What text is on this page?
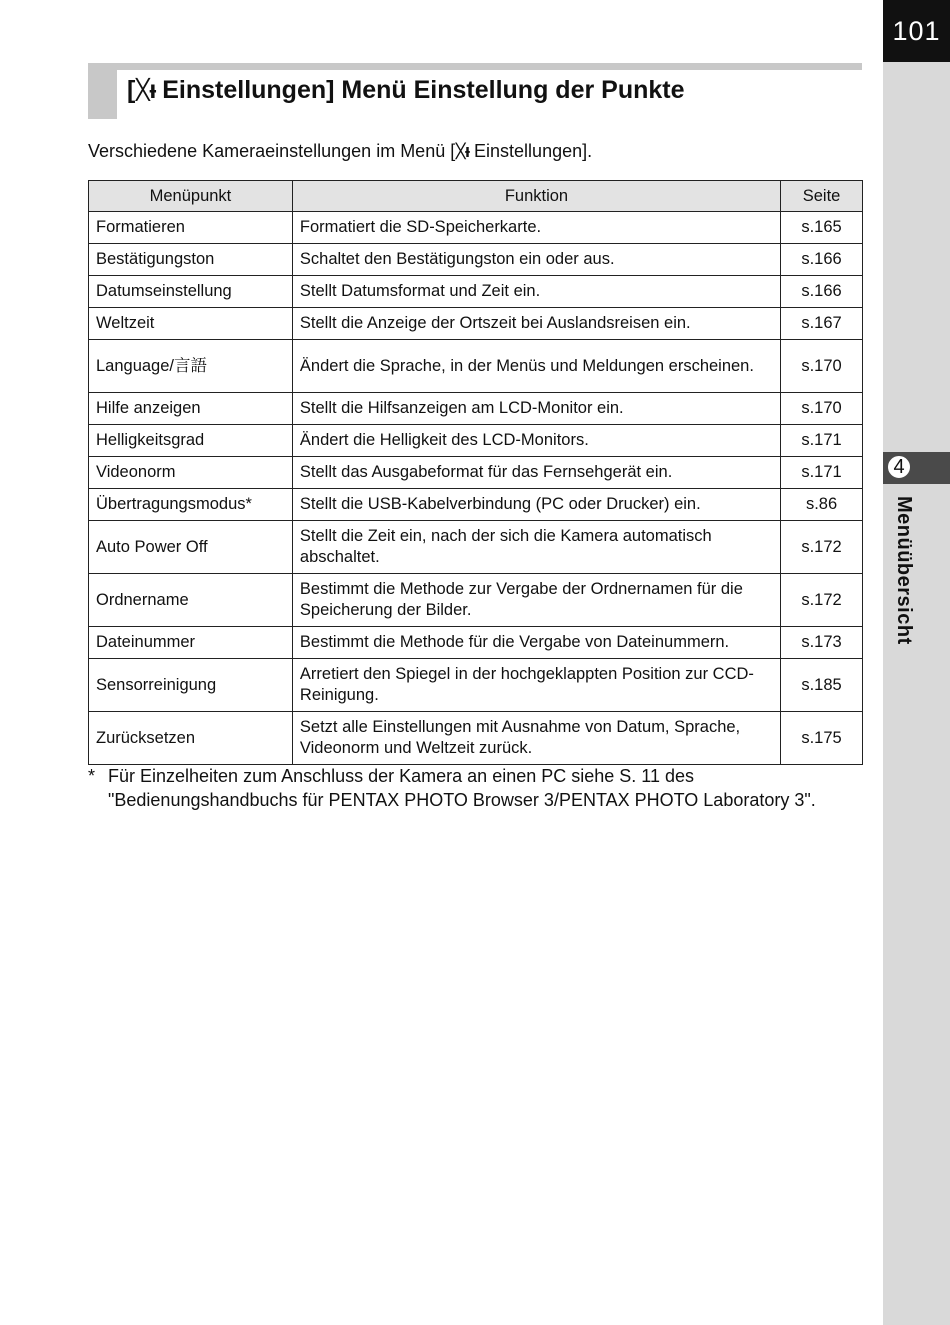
101
4
Menüübersicht
[ᚷᵻ Einstellungen] Menü Einstellung der Punkte
Verschiedene Kameraeinstellungen im Menü [ᚷᵻ Einstellungen].
Menüpunkt	Funktion	Seite
Formatieren	Formatiert die SD-Speicherkarte.	s.165
Bestätigungston	Schaltet den Bestätigungston ein oder aus.	s.166
Datumseinstellung	Stellt Datumsformat und Zeit ein.	s.166
Weltzeit	Stellt die Anzeige der Ortszeit bei Auslandsreisen ein.	s.167
Language/言語	Ändert die Sprache, in der Menüs und Meldungen erscheinen.	s.170
Hilfe anzeigen	Stellt die Hilfsanzeigen am LCD-Monitor ein.	s.170
Helligkeitsgrad	Ändert die Helligkeit des LCD-Monitors.	s.171
Videonorm	Stellt das Ausgabeformat für das Fernsehgerät ein.	s.171
Übertragungsmodus*	Stellt die USB-Kabelverbindung (PC oder Drucker) ein.	s.86
Auto Power Off	Stellt die Zeit ein, nach der sich die Kamera automatisch abschaltet.	s.172
Ordnername	Bestimmt die Methode zur Vergabe der Ordnernamen für die Speicherung der Bilder.	s.172
Dateinummer	Bestimmt die Methode für die Vergabe von Dateinummern.	s.173
Sensorreinigung	Arretiert den Spiegel in der hochgeklappten Position zur CCD-Reinigung.	s.185
Zurücksetzen	Setzt alle Einstellungen mit Ausnahme von Datum, Sprache, Videonorm und Weltzeit zurück.	s.175
* Für Einzelheiten zum Anschluss der Kamera an einen PC siehe S. 11 des
"Bedienungshandbuchs für PENTAX PHOTO Browser 3/PENTAX PHOTO Laboratory 3".
